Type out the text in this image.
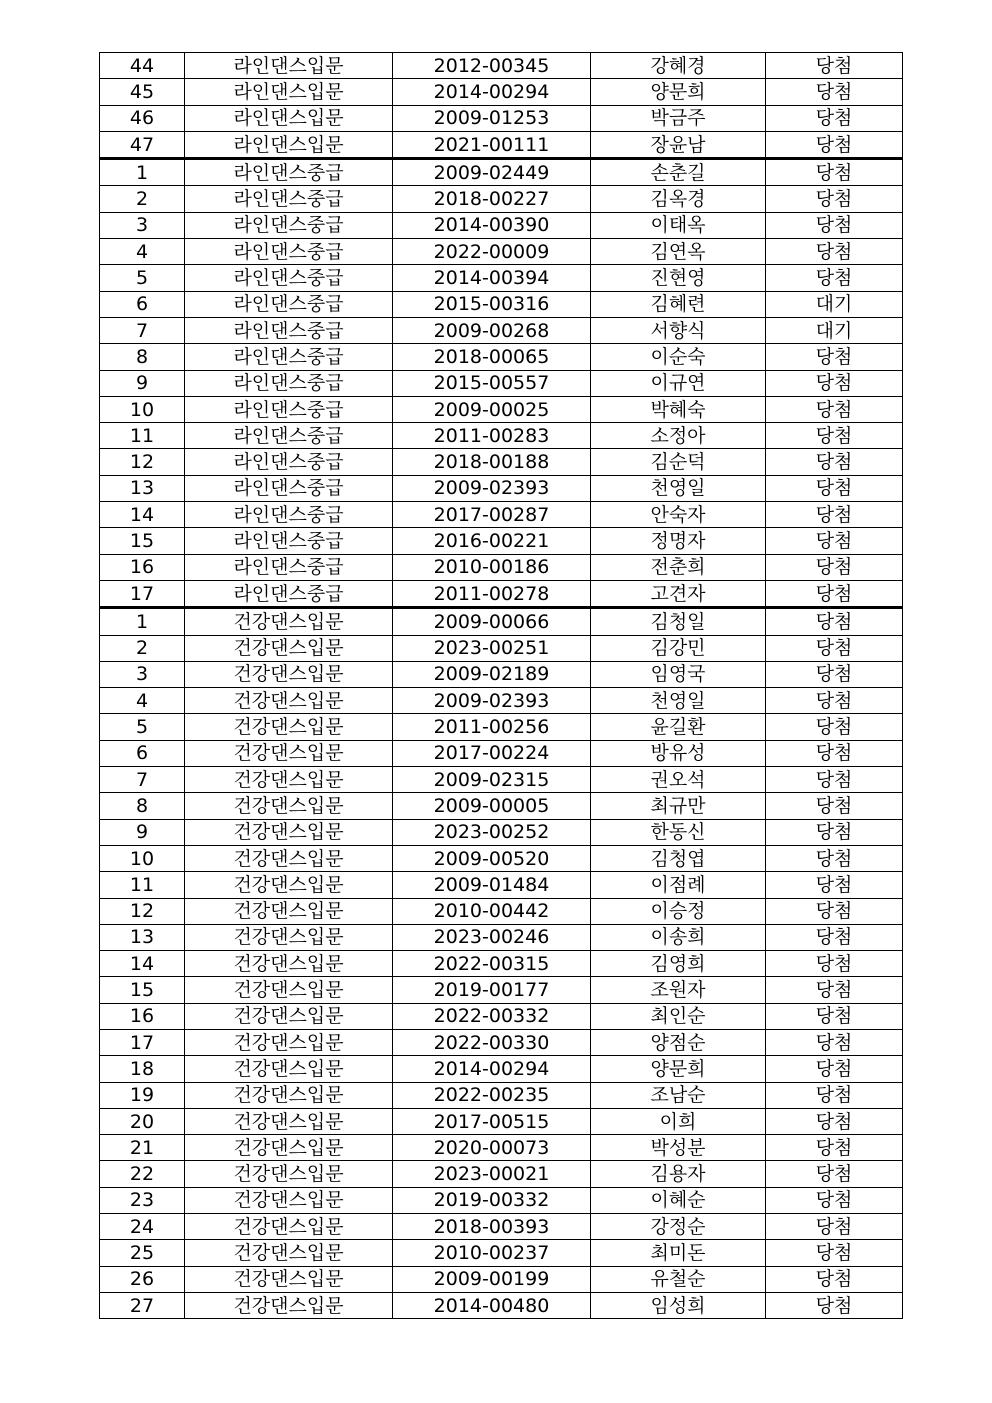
44	라인댄스입문	2012-00345	강혜경	당첨
45	라인댄스입문	2014-00294	양문희	당첨
46	라인댄스입문	2009-01253	박금주	당첨
47	라인댄스입문	2021-00111	장윤남	당첨
1	라인댄스중급	2009-02449	손춘길	당첨
2	라인댄스중급	2018-00227	김옥경	당첨
3	라인댄스중급	2014-00390	이태옥	당첨
4	라인댄스중급	2022-00009	김연옥	당첨
5	라인댄스중급	2014-00394	진현영	당첨
6	라인댄스중급	2015-00316	김혜련	대기
7	라인댄스중급	2009-00268	서향식	대기
8	라인댄스중급	2018-00065	이순숙	당첨
9	라인댄스중급	2015-00557	이규연	당첨
10	라인댄스중급	2009-00025	박혜숙	당첨
11	라인댄스중급	2011-00283	소정아	당첨
12	라인댄스중급	2018-00188	김순덕	당첨
13	라인댄스중급	2009-02393	천영일	당첨
14	라인댄스중급	2017-00287	안숙자	당첨
15	라인댄스중급	2016-00221	정명자	당첨
16	라인댄스중급	2010-00186	전춘희	당첨
17	라인댄스중급	2011-00278	고견자	당첨
1	건강댄스입문	2009-00066	김청일	당첨
2	건강댄스입문	2023-00251	김강민	당첨
3	건강댄스입문	2009-02189	임영국	당첨
4	건강댄스입문	2009-02393	천영일	당첨
5	건강댄스입문	2011-00256	윤길환	당첨
6	건강댄스입문	2017-00224	방유성	당첨
7	건강댄스입문	2009-02315	권오석	당첨
8	건강댄스입문	2009-00005	최규만	당첨
9	건강댄스입문	2023-00252	한동신	당첨
10	건강댄스입문	2009-00520	김청엽	당첨
11	건강댄스입문	2009-01484	이점례	당첨
12	건강댄스입문	2010-00442	이승정	당첨
13	건강댄스입문	2023-00246	이송희	당첨
14	건강댄스입문	2022-00315	김영희	당첨
15	건강댄스입문	2019-00177	조원자	당첨
16	건강댄스입문	2022-00332	최인순	당첨
17	건강댄스입문	2022-00330	양점순	당첨
18	건강댄스입문	2014-00294	양문희	당첨
19	건강댄스입문	2022-00235	조남순	당첨
20	건강댄스입문	2017-00515	이희	당첨
21	건강댄스입문	2020-00073	박성분	당첨
22	건강댄스입문	2023-00021	김용자	당첨
23	건강댄스입문	2019-00332	이혜순	당첨
24	건강댄스입문	2018-00393	강정순	당첨
25	건강댄스입문	2010-00237	최미돈	당첨
26	건강댄스입문	2009-00199	유철순	당첨
27	건강댄스입문	2014-00480	임성희	당첨
